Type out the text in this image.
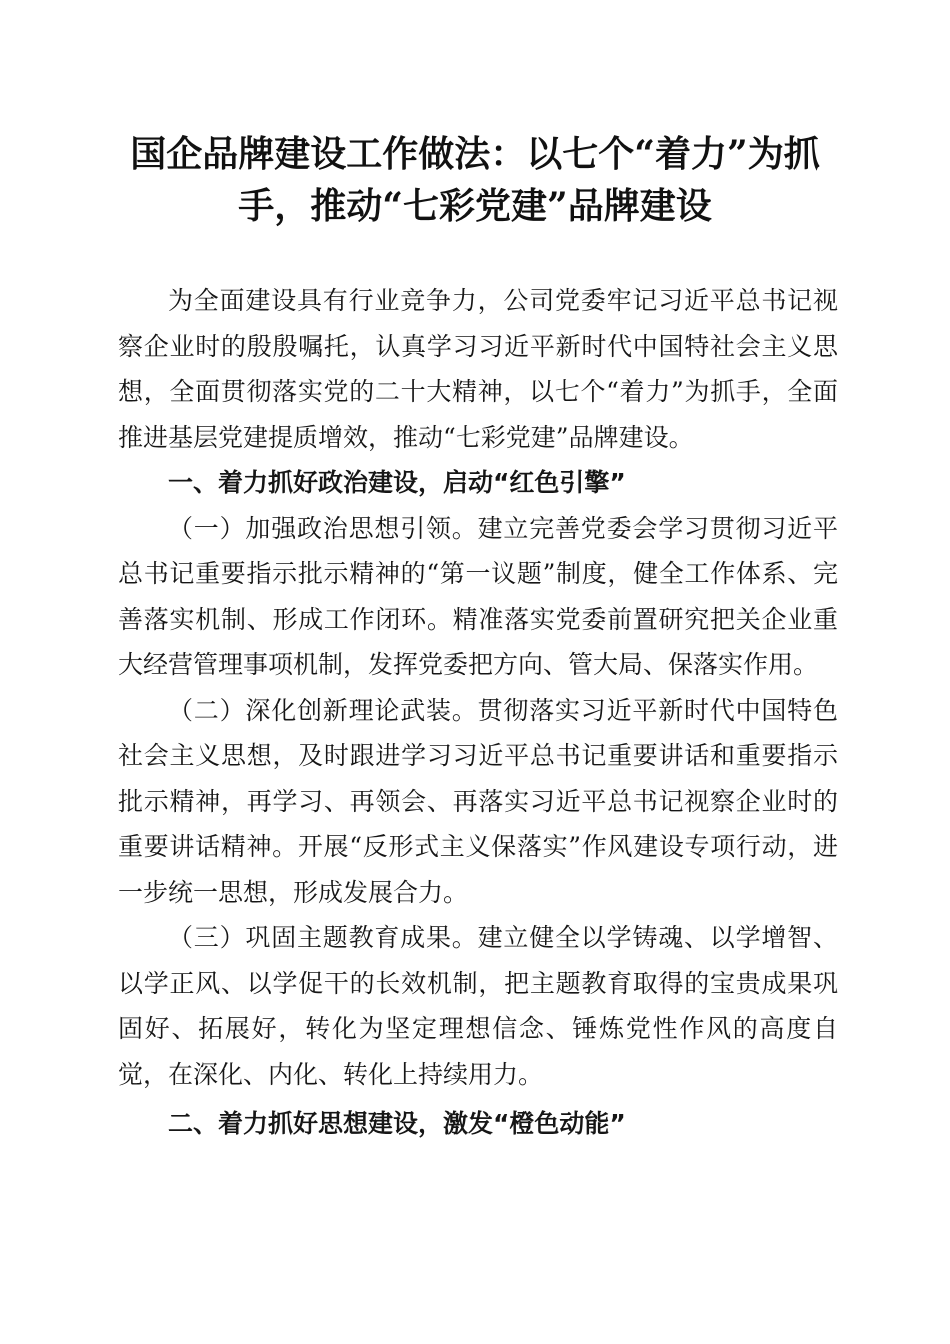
国企品牌建设工作做法：以七个“着力”为抓
手，推动“七彩党建”品牌建设

为全面建设具有行业竞争力，公司党委牢记习近平总书记视察企业时的殷殷嘱托，认真学习习近平新时代中国特社会主义思想，全面贯彻落实党的二十大精神，以七个“着力”为抓手，全面推进基层党建提质增效，推动“七彩党建”品牌建设。

一、着力抓好政治建设，启动“红色引擎”

（一）加强政治思想引领。建立完善党委会学习贯彻习近平总书记重要指示批示精神的“第一议题”制度，健全工作体系、完善落实机制、形成工作闭环。精准落实党委前置研究把关企业重大经营管理事项机制，发挥党委把方向、管大局、保落实作用。

（二）深化创新理论武装。贯彻落实习近平新时代中国特色社会主义思想，及时跟进学习习近平总书记重要讲话和重要指示批示精神，再学习、再领会、再落实习近平总书记视察企业时的重要讲话精神。开展“反形式主义保落实”作风建设专项行动，进一步统一思想，形成发展合力。

（三）巩固主题教育成果。建立健全以学铸魂、以学增智、以学正风、以学促干的长效机制，把主题教育取得的宝贵成果巩固好、拓展好，转化为坚定理想信念、锤炼党性作风的高度自觉，在深化、内化、转化上持续用力。

二、着力抓好思想建设，激发“橙色动能”
